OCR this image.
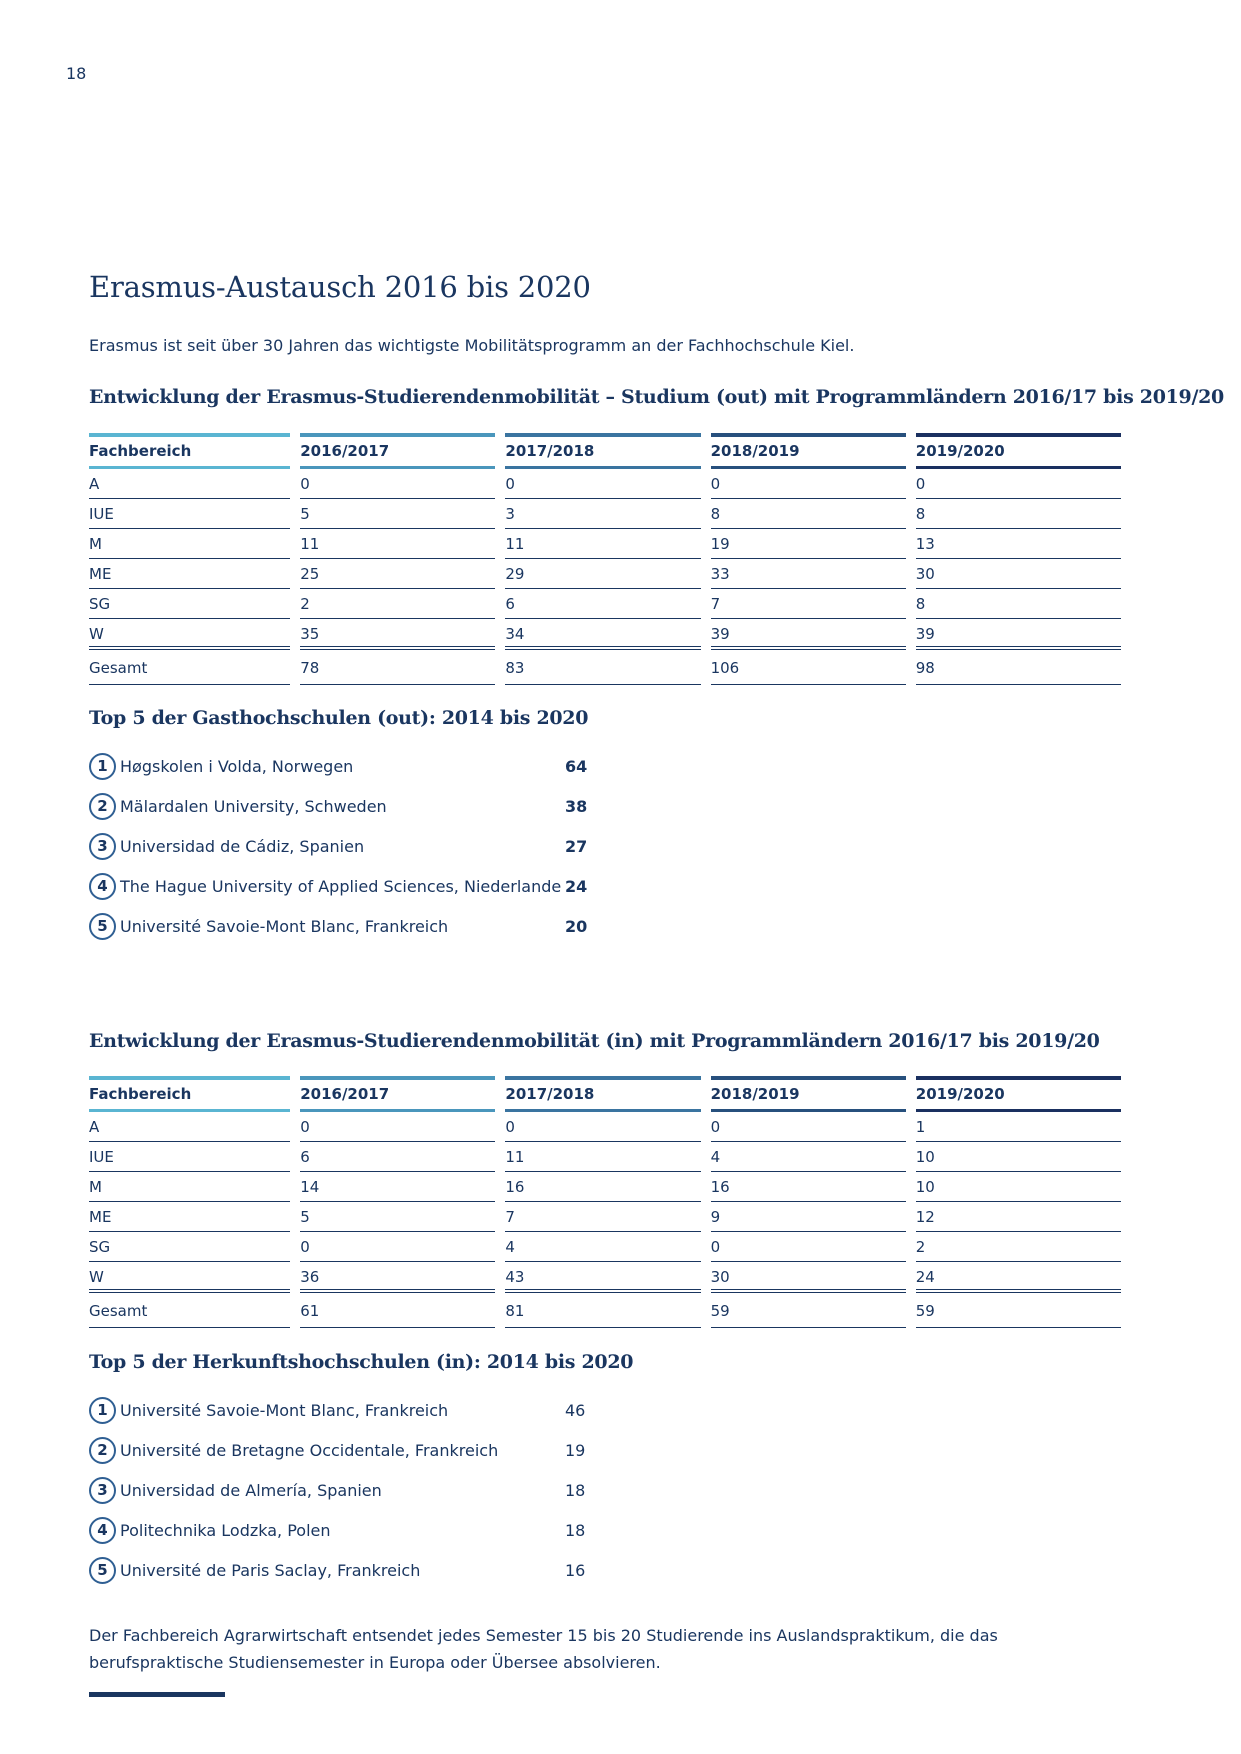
18
Erasmus-Austausch 2016 bis 2020

Erasmus ist seit über 30 Jahren das wichtigste Mobilitätsprogramm an der Fachhochschule Kiel.

Entwicklung der Erasmus-Studierendenmobilität – Studium (out) mit Programmländern 2016/17 bis 2019/20
Fachbereich	2016/2017	2017/2018	2018/2019	2019/2020

A	0	0	0	0

IUE	5	3	8	8

M	11	11	19	13

ME	25	29	33	30

SG	2	6	7	8

W	35	34	39	39

Gesamt	78	83	106	98
Top 5 der Gasthochschulen (out): 2014 bis 2020
1 Høgskolen i Volda, Norwegen	64
2 Mälardalen University, Schweden	38
3 Universidad de Cádiz, Spanien	27
4 The Hague University of Applied Sciences, Niederlande 24
5 Université Savoie-Mont Blanc, Frankreich	20
Entwicklung der Erasmus-Studierendenmobilität (in) mit Programmländern 2016/17 bis 2019/20
Fachbereich	2016/2017	2017/2018	2018/2019	2019/2020

A	0	0	0	1

IUE	6	11	4	10

M	14	16	16	10

ME	5	7	9	12

SG	0	4	0	2

W	36	43	30	24

Gesamt	61	81	59	59
Top 5 der Herkunftshochschulen (in): 2014 bis 2020
1 Université Savoie-Mont Blanc, Frankreich	46
2 Université de Bretagne Occidentale, Frankreich	19
3 Universidad de Almería, Spanien	18
4 Politechnika Lodzka, Polen	18
5 Université de Paris Saclay, Frankreich	16

Der Fachbereich Agrarwirtschaft entsendet jedes Semester 15 bis 20 Studierende ins Auslandspraktikum, die das berufspraktische Studiensemester in Europa oder Übersee absolvieren.
